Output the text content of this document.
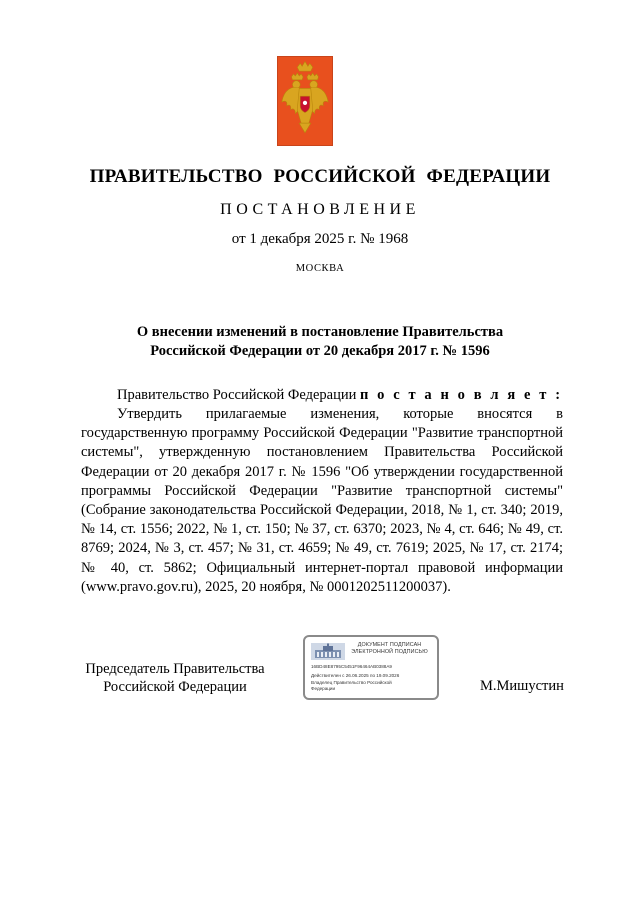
ПРАВИТЕЛЬСТВО РОССИЙСКОЙ ФЕДЕРАЦИИ
ПОСТАНОВЛЕНИЕ
от 1 декабря 2025 г. № 1968
МОСКВА
О внесении изменений в постановление Правительства
Российской Федерации от 20 декабря 2017 г. № 1596
Правительство Российской Федерации п о с т а н о в л я е т :
Утвердить прилагаемые изменения, которые вносятся в государственную программу Российской Федерации "Развитие транспортной системы", утвержденную постановлением Правительства Российской Федерации от 20 декабря 2017 г. № 1596 "Об утверждении государственной программы Российской Федерации "Развитие транспортной системы" (Собрание законодательства Российской Федерации, 2018, № 1, ст. 340; 2019, № 14, ст. 1556; 2022, № 1, ст. 150; № 37, ст. 6370; 2023, № 4, ст. 646; № 49, ст. 8769; 2024, № 3, ст. 457; № 31, ст. 4659; № 49, ст. 7619; 2025, № 17, ст. 2174; № 40, ст. 5862; Официальный интернет-портал правовой информации (www.pravo.gov.ru), 2025, 20 ноября, № 0001202511200037).
Председатель Правительства
Российской Федерации
ДОКУМЕНТ ПОДПИСАН
ЭЛЕКТРОННОЙ ПОДПИСЬЮ
16BD48E8795C5451F96464AB0388A9
Действителен с 26.06.2025 по 19.09.2026
Владелец Правительство Российской
Федерации	М.Мишустин
